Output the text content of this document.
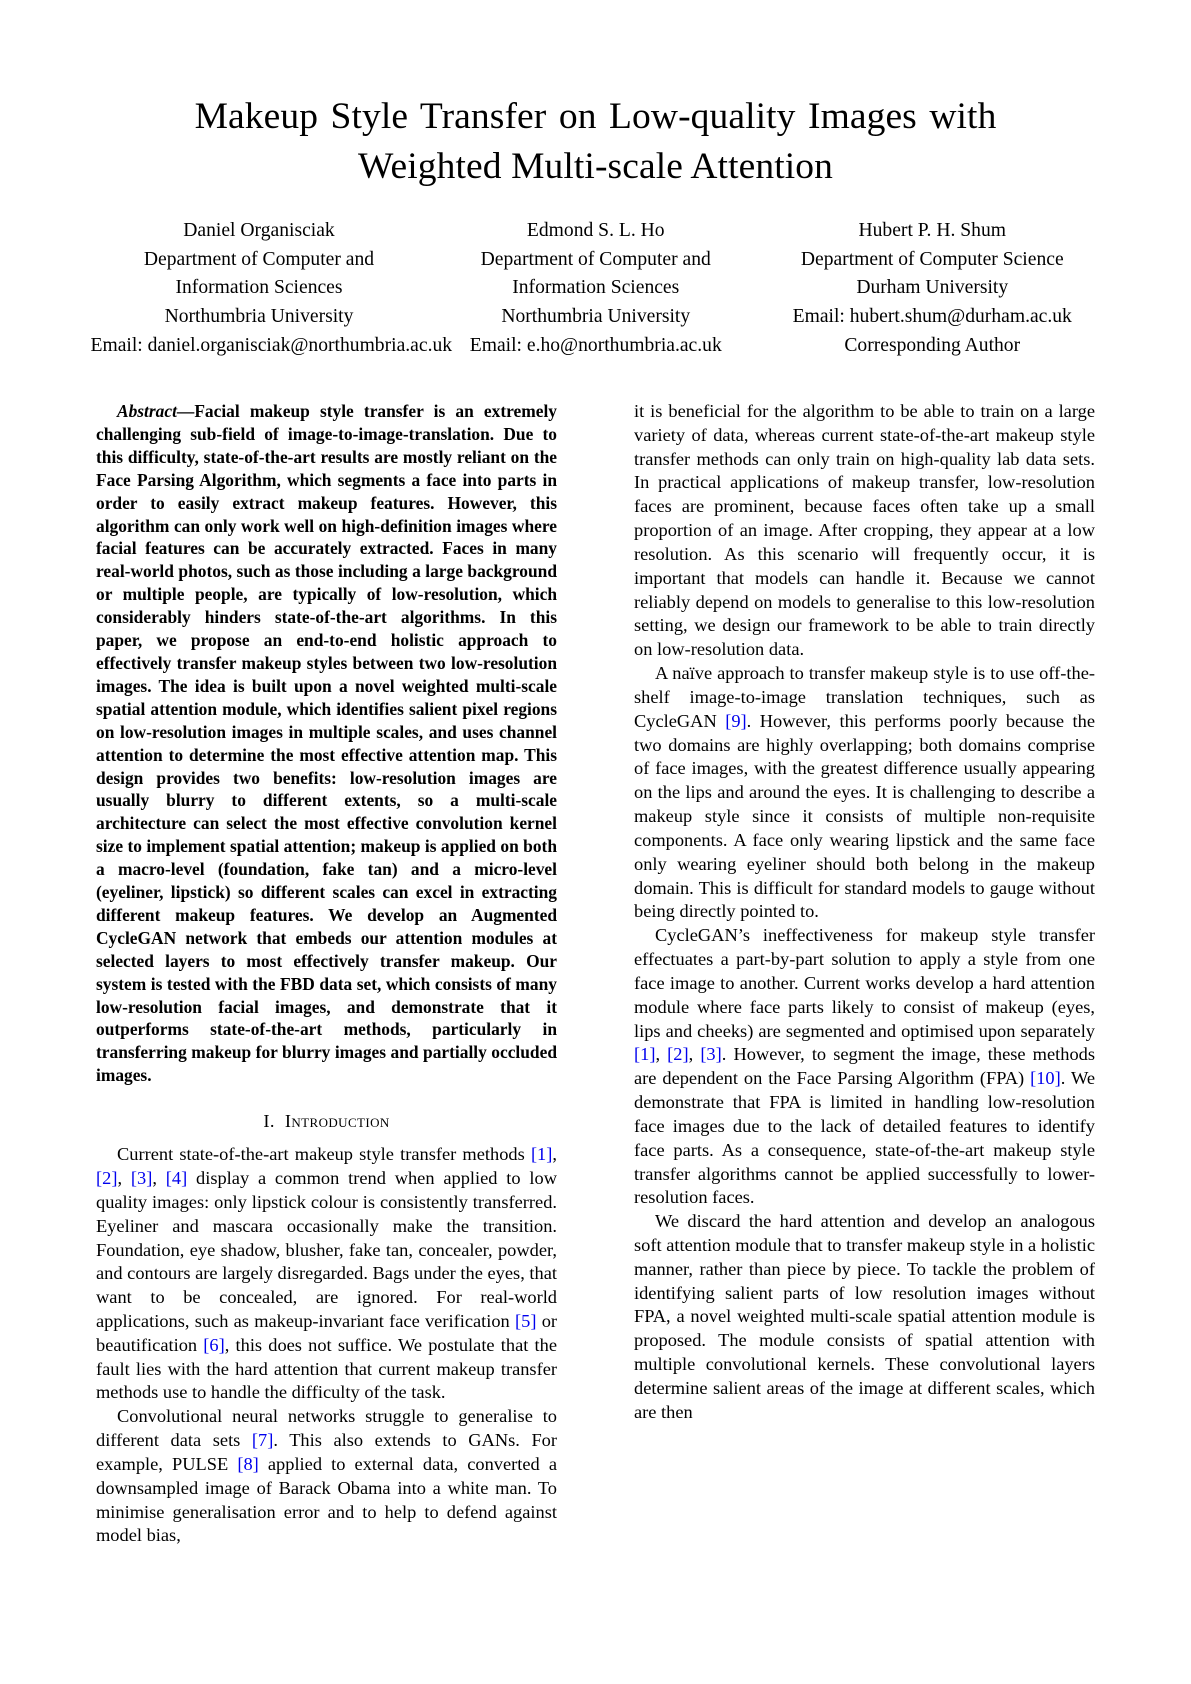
Makeup Style Transfer on Low-quality Images with
Weighted Multi-scale Attention
Daniel Organisciak
Department of Computer and
Information Sciences
Northumbria University
Email: daniel.organisciak@northumbria.ac.uk
Edmond S. L. Ho
Department of Computer and
Information Sciences
Northumbria University
Email: e.ho@northumbria.ac.uk
Hubert P. H. Shum
Department of Computer Science
Durham University
Email: hubert.shum@durham.ac.uk
Corresponding Author

Abstract—Facial makeup style transfer is an extremely challenging sub-field of image-to-image-translation. Due to this difficulty, state-of-the-art results are mostly reliant on the Face Parsing Algorithm, which segments a face into parts in order to easily extract makeup features. However, this algorithm can only work well on high-definition images where facial features can be accurately extracted. Faces in many real-world photos, such as those including a large background or multiple people, are typically of low-resolution, which considerably hinders state-of-the-art algorithms. In this paper, we propose an end-to-end holistic approach to effectively transfer makeup styles between two low-resolution images. The idea is built upon a novel weighted multi-scale spatial attention module, which identifies salient pixel regions on low-resolution images in multiple scales, and uses channel attention to determine the most effective attention map. This design provides two benefits: low-resolution images are usually blurry to different extents, so a multi-scale architecture can select the most effective convolution kernel size to implement spatial attention; makeup is applied on both a macro-level (foundation, fake tan) and a micro-level (eyeliner, lipstick) so different scales can excel in extracting different makeup features. We develop an Augmented CycleGAN network that embeds our attention modules at selected layers to most effectively transfer makeup. Our system is tested with the FBD data set, which consists of many low-resolution facial images, and demonstrate that it outperforms state-of-the-art methods, particularly in transferring makeup for blurry images and partially occluded images.

I. Introduction

Current state-of-the-art makeup style transfer methods [1], [2], [3], [4] display a common trend when applied to low quality images: only lipstick colour is consistently transferred. Eyeliner and mascara occasionally make the transition. Foundation, eye shadow, blusher, fake tan, concealer, powder, and contours are largely disregarded. Bags under the eyes, that want to be concealed, are ignored. For real-world applications, such as makeup-invariant face verification [5] or beautification [6], this does not suffice. We postulate that the fault lies with the hard attention that current makeup transfer methods use to handle the difficulty of the task.

Convolutional neural networks struggle to generalise to different data sets [7]. This also extends to GANs. For example, PULSE [8] applied to external data, converted a downsampled image of Barack Obama into a white man. To minimise generalisation error and to help to defend against model bias,

it is beneficial for the algorithm to be able to train on a large variety of data, whereas current state-of-the-art makeup style transfer methods can only train on high-quality lab data sets. In practical applications of makeup transfer, low-resolution faces are prominent, because faces often take up a small proportion of an image. After cropping, they appear at a low resolution. As this scenario will frequently occur, it is important that models can handle it. Because we cannot reliably depend on models to generalise to this low-resolution setting, we design our framework to be able to train directly on low-resolution data.

A naïve approach to transfer makeup style is to use off-the-shelf image-to-image translation techniques, such as CycleGAN [9]. However, this performs poorly because the two domains are highly overlapping; both domains comprise of face images, with the greatest difference usually appearing on the lips and around the eyes. It is challenging to describe a makeup style since it consists of multiple non-requisite components. A face only wearing lipstick and the same face only wearing eyeliner should both belong in the makeup domain. This is difficult for standard models to gauge without being directly pointed to.

CycleGAN’s ineffectiveness for makeup style transfer effectuates a part-by-part solution to apply a style from one face image to another. Current works develop a hard attention module where face parts likely to consist of makeup (eyes, lips and cheeks) are segmented and optimised upon separately [1], [2], [3]. However, to segment the image, these methods are dependent on the Face Parsing Algorithm (FPA) [10]. We demonstrate that FPA is limited in handling low-resolution face images due to the lack of detailed features to identify face parts. As a consequence, state-of-the-art makeup style transfer algorithms cannot be applied successfully to lower-resolution faces.

We discard the hard attention and develop an analogous soft attention module that to transfer makeup style in a holistic manner, rather than piece by piece. To tackle the problem of identifying salient parts of low resolution images without FPA, a novel weighted multi-scale spatial attention module is proposed. The module consists of spatial attention with multiple convolutional kernels. These convolutional layers determine salient areas of the image at different scales, which are then
